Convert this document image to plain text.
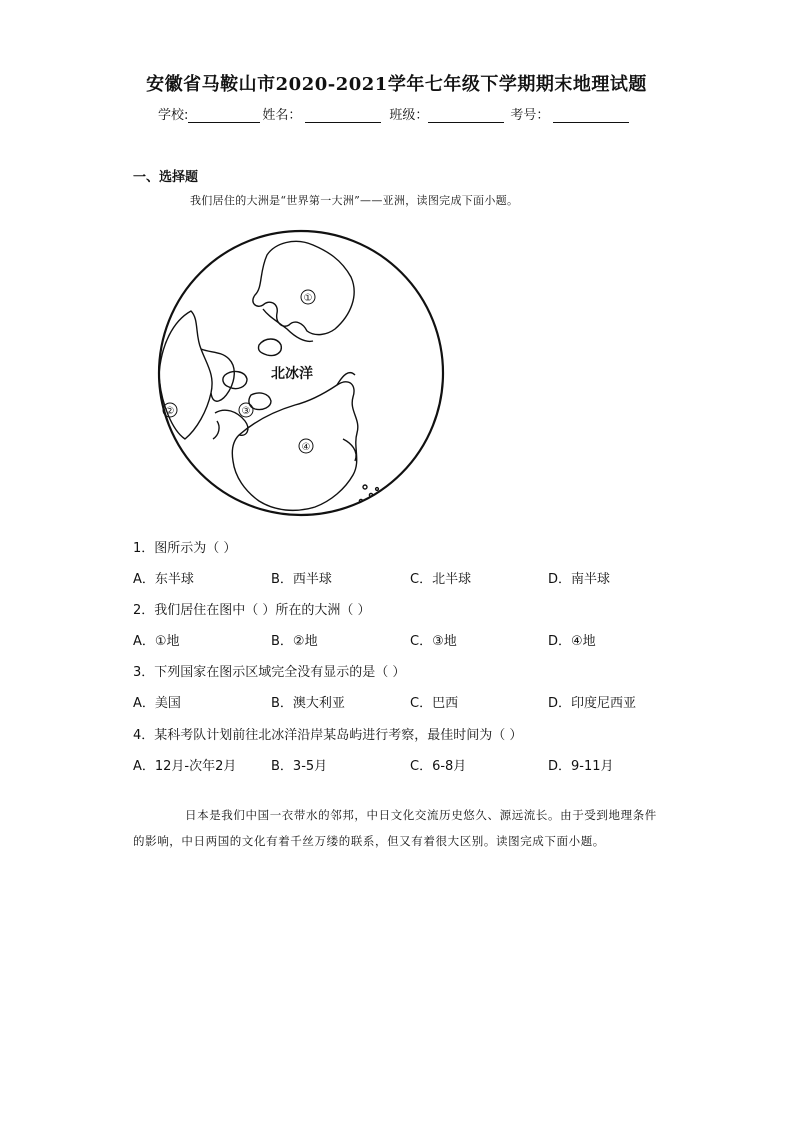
安徽省马鞍山市2020-2021学年七年级下学期期末地理试题
学校:	姓名：	班级：	考号：
一、选择题
我们居住的大洲是“世界第一大洲”——亚洲，读图完成下面小题。
①
②	③
④
北冰洋
1．图所示为（ ）
A．东半球	B．西半球	C．北半球	D．南半球
2．我们居住在图中（ ）所在的大洲（ ）
A．①地	B．②地	C．③地	D．④地
3．下列国家在图示区域完全没有显示的是（ ）
A．美国	B．澳大利亚	C．巴西	D．印度尼西亚
4．某科考队计划前往北冰洋沿岸某岛屿进行考察，最佳时间为（ ）
A．12月-次年2月	B．3-5月	C．6-8月	D．9-11月
日本是我们中国一衣带水的邻邦，中日文化交流历史悠久、源远流长。由于受到地理条件的影响，中日两国的文化有着千丝万缕的联系，但又有着很大区别。读图完成下面小题。
